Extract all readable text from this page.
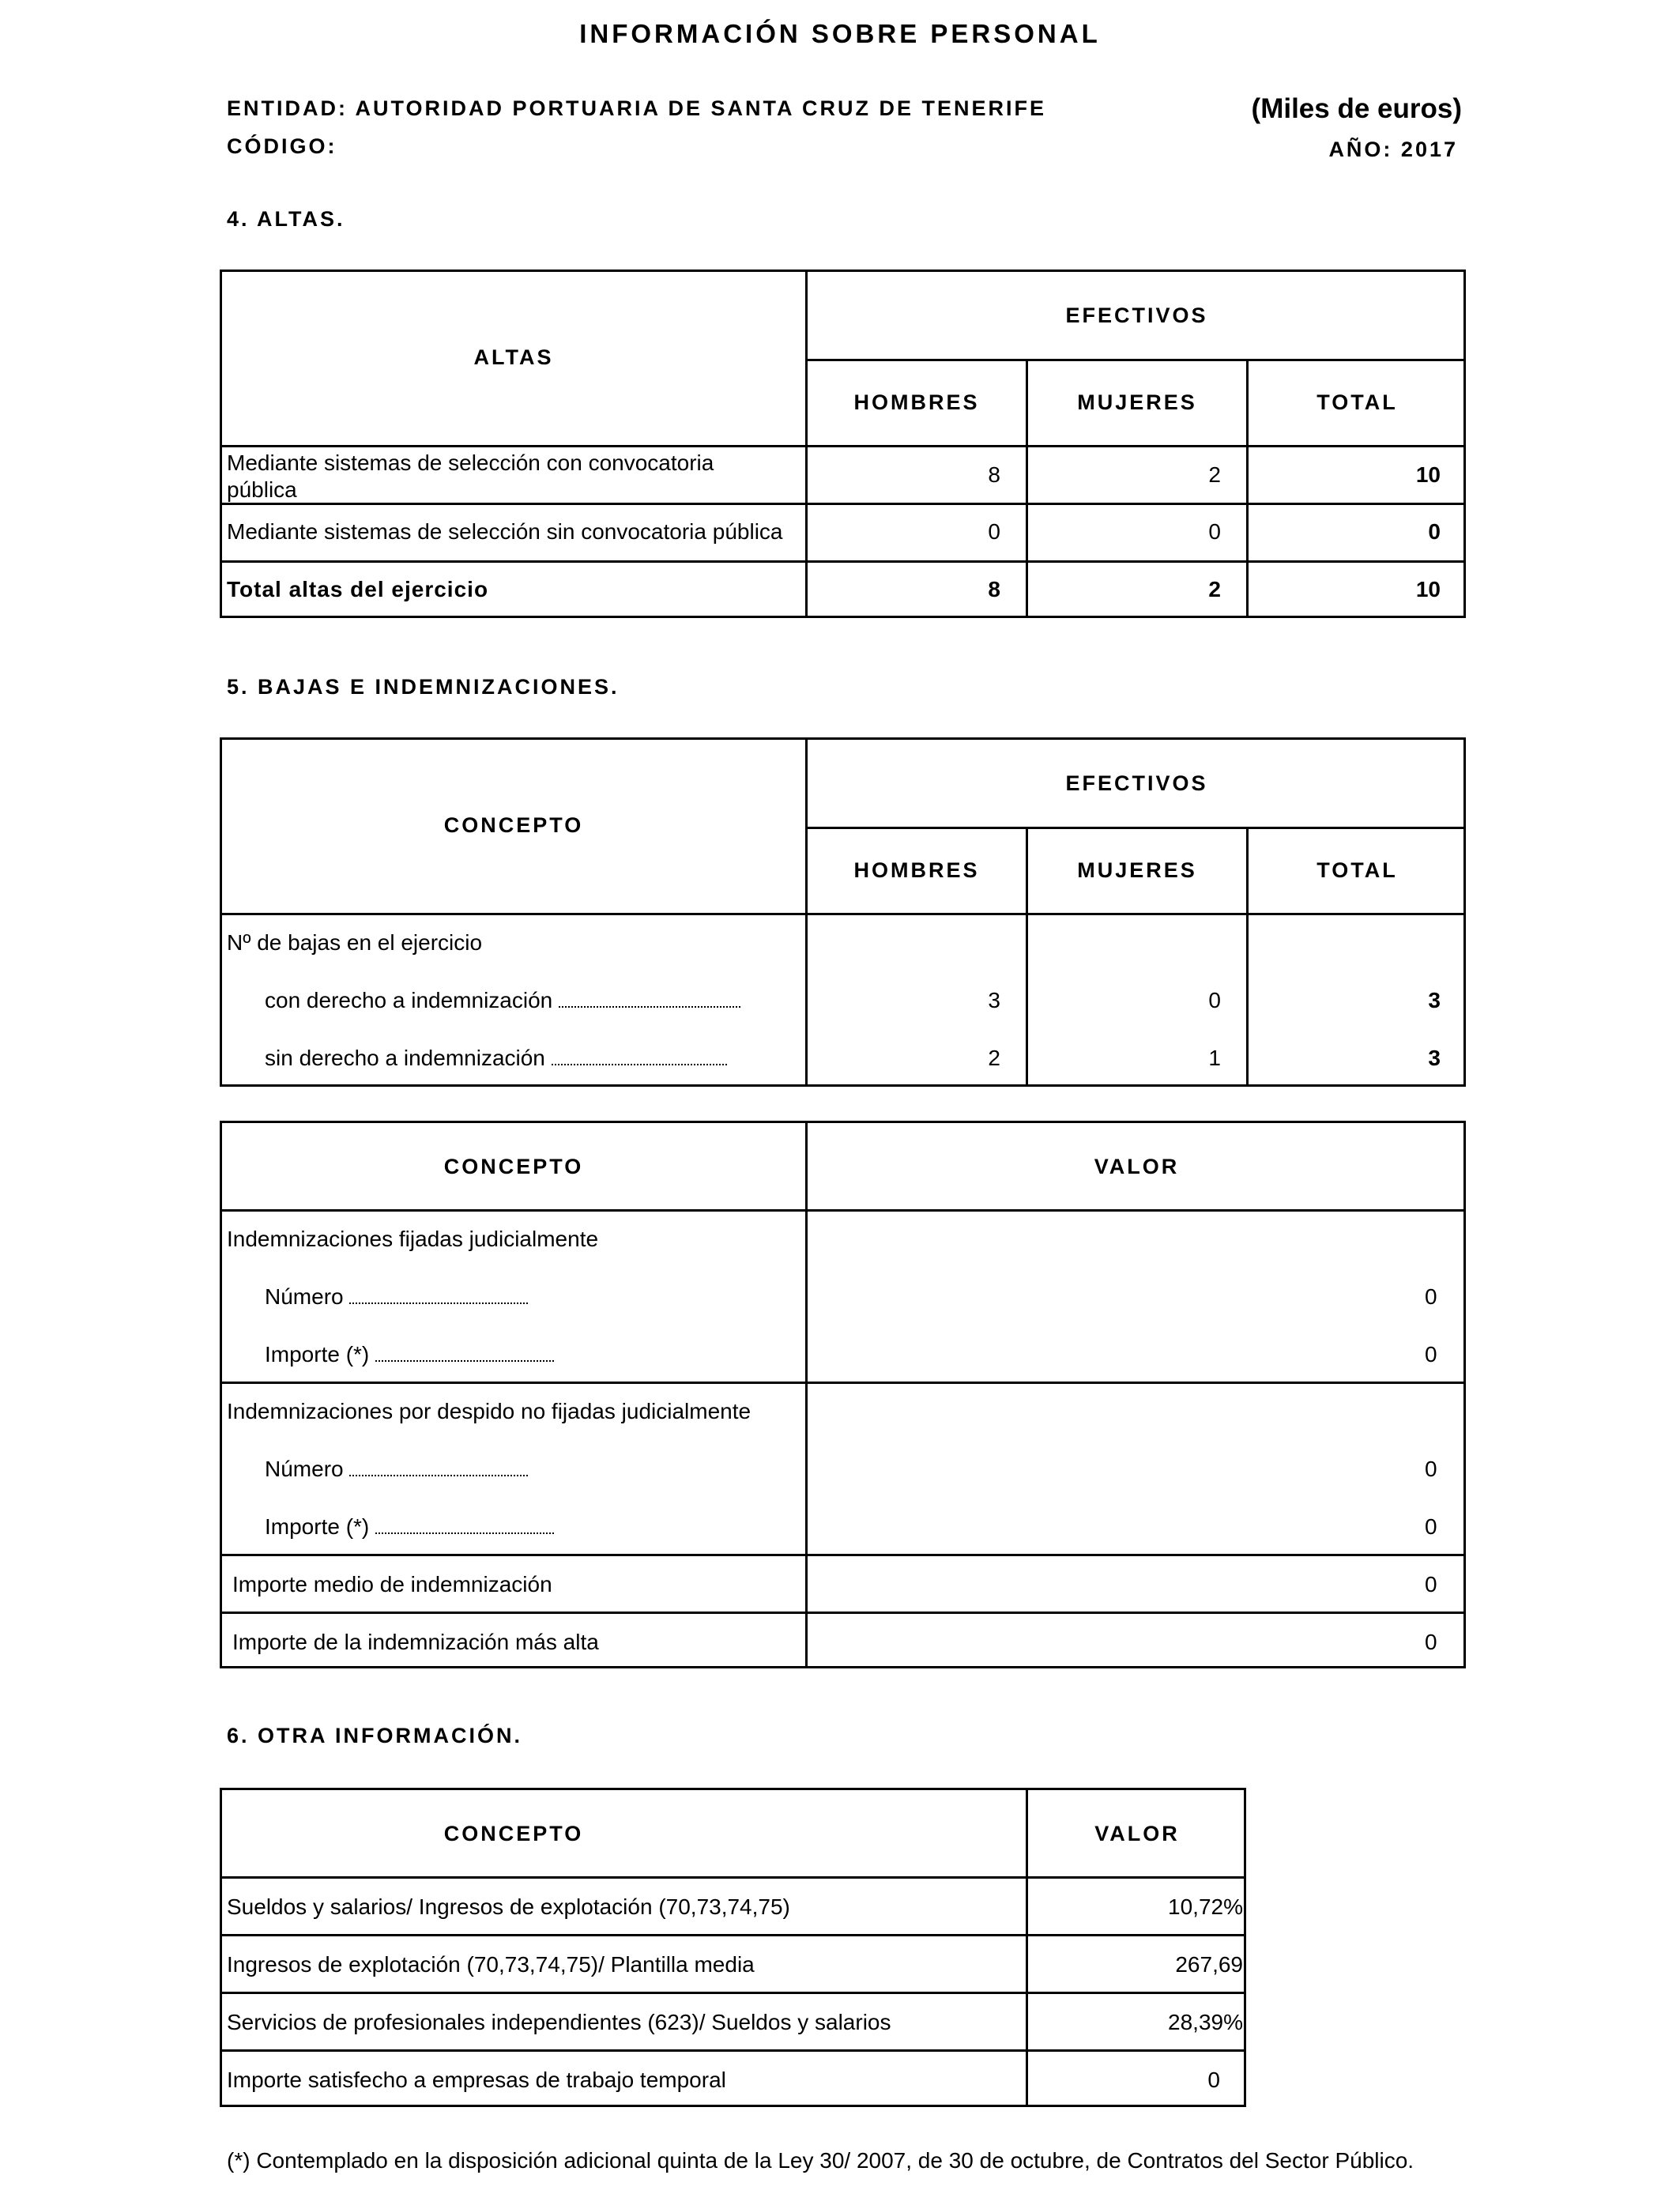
INFORMACIÓN SOBRE PERSONAL
ENTIDAD: AUTORIDAD PORTUARIA DE SANTA CRUZ DE TENERIFE
CÓDIGO:
(Miles de euros)
AÑO: 2017
4. ALTAS.
ALTAS
EFECTIVOS
HOMBRES	MUJERES	TOTAL
Mediante sistemas de selección con convocatoria
pública
8	2	10
Mediante sistemas de selección sin convocatoria pública	0	0	0
Total altas del ejercicio	8	2	10
5. BAJAS E INDEMNIZACIONES.
CONCEPTO
EFECTIVOS
HOMBRES	MUJERES	TOTAL
Nº de bajas en el ejercicio
con derecho a indemnización	3	0	3
sin derecho a indemnización	2	1	3
CONCEPTO	VALOR
Indemnizaciones fijadas judicialmente
Número	0
Importe (*)	0
Indemnizaciones por despido no fijadas judicialmente
Número	0
Importe (*)	0
Importe medio de indemnización	0
Importe de la indemnización más alta	0
6. OTRA INFORMACIÓN.
CONCEPTO	VALOR
Sueldos y salarios/ Ingresos de explotación (70,73,74,75)	10,72%
Ingresos de explotación (70,73,74,75)/ Plantilla media	267,69
Servicios de profesionales independientes (623)/ Sueldos y salarios	28,39%
Importe satisfecho a empresas de trabajo temporal	0
(*) Contemplado en la disposición adicional quinta de la Ley 30/ 2007, de 30 de octubre, de Contratos del Sector Público.
